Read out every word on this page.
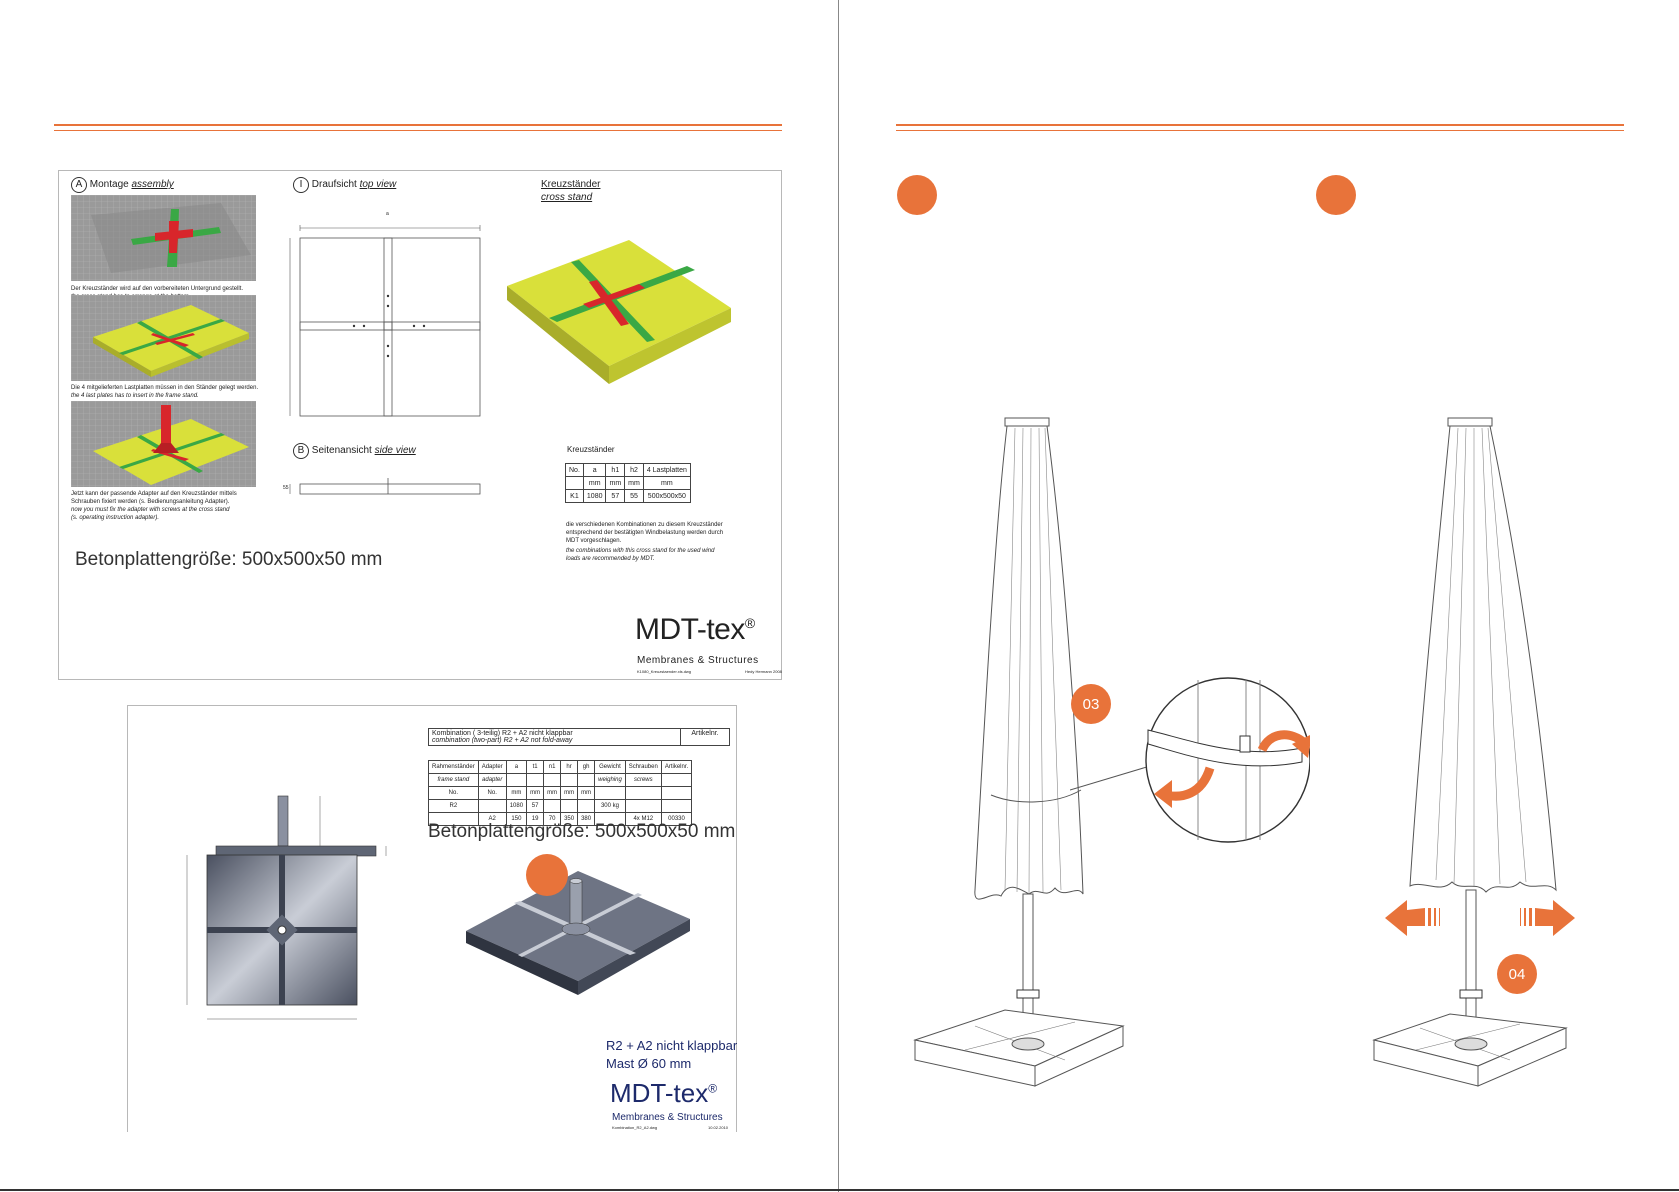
A Montage assembly
Der Kreuzständer wird auf den vorbereiteten Untergrund gestellt.
Die 4 mitgelieferten Lastplatten müssen in den Ständer gelegt werden.
the 4 last plates has to insert in the frame stand.
Jetzt kann der passende Adapter auf den Kreuzständer mittels
Schrauben fixiert werden (s. Bedienungsanleitung Adapter).
now you must fix the adapter with screws at the cross stand
(s. operating instruction adapter).
Betonplattengröße: 500x500x50 mm
I Draufsicht top view
a
B Seitenansicht side view
55
Kreuzständer
cross stand
Kreuzständer
No.	a	h1	h2	4 Lastplatten
	mm	mm	mm	mm
K1	1080	57	55	500x500x50
die verschiedenen Kombinationen zu diesem Kreuzständer entsprechend der bestätigten Windbelastung werden durch MDT vorgeschlagen.
the combinations with this cross stand for the used wind loads are recommended by MDT.
MDT-tex®
Membranes & Structures
K1080_Kreuzstaender.xls.dwg	Hedy Hermann 2008
Kombination ( 3-teilig) R2 + A2 nicht klappbar
combination (two-part) R2 + A2 not fold-away
	Artikelnr.
Rahmenständer	Adapter	a	t1	n1	hr	gh	Gewicht	Schrauben	Artikelnr.
frame stand	adapter						weighing	screws	
No.	No.	mm	mm	mm	mm	mm			
R2		1080	57				300 kg		
	A2	150	19	70	350	380		4x M12	00330
Betonplattengröße: 500x500x50 mm
R2 + A2 nicht klappbar
Mast Ø 60 mm
MDT-tex®
Membranes & Structures
Kombination_R2_A2.dwg	10.02.2010
03
04
